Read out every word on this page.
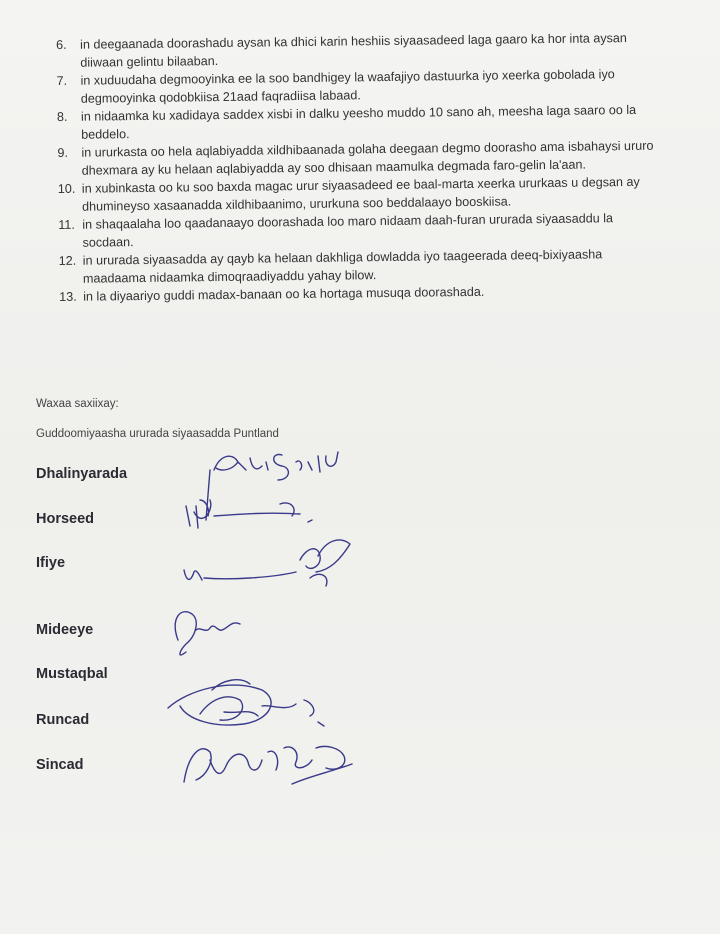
6.	in deegaanada doorashadu aysan ka dhici karin heshiis siyaasadeed laga gaaro ka hor inta aysan diiwaan gelintu bilaaban.
7.	in xuduudaha degmooyinka ee la soo bandhigey la waafajiyo dastuurka iyo xeerka gobolada iyo degmooyinka qodobkiisa 21aad faqradiisa labaad.
8.	in nidaamka ku xadidaya saddex xisbi in dalku yeesho muddo 10 sano ah, meesha laga saaro oo la beddelo.
9.	in ururkasta oo hela aqlabiyadda xildhibaanada golaha deegaan degmo doorasho ama isbahaysi ururo dhexmara ay ku helaan aqlabiyadda ay soo dhisaan maamulka degmada faro-gelin la'aan.
10. in xubinkasta oo ku soo baxda magac urur siyaasadeed ee baal-marta xeerka ururkaas u degsan ay dhumineyso xasaanadda xildhibaanimo, ururkuna soo beddalaayo booskiisa.
11. in shaqaalaha loo qaadanaayo doorashada loo maro nidaam daah-furan ururada siyaasaddu la socdaan.
12. in ururada siyaasadda ay qayb ka helaan dakhliga dowladda iyo taageerada deeq-bixiyaasha maadaama nidaamka dimoqraadiyaddu yahay bilow.
13. in la diyaariyo guddi madax-banaan oo ka hortaga musuqa doorashada.
Waxaa saxiixay:
Guddoomiyaasha ururada siyaasadda Puntland
Dhalinyarada
Horseed
Ifiye
Mideeye
Mustaqbal
Runcad
Sincad
